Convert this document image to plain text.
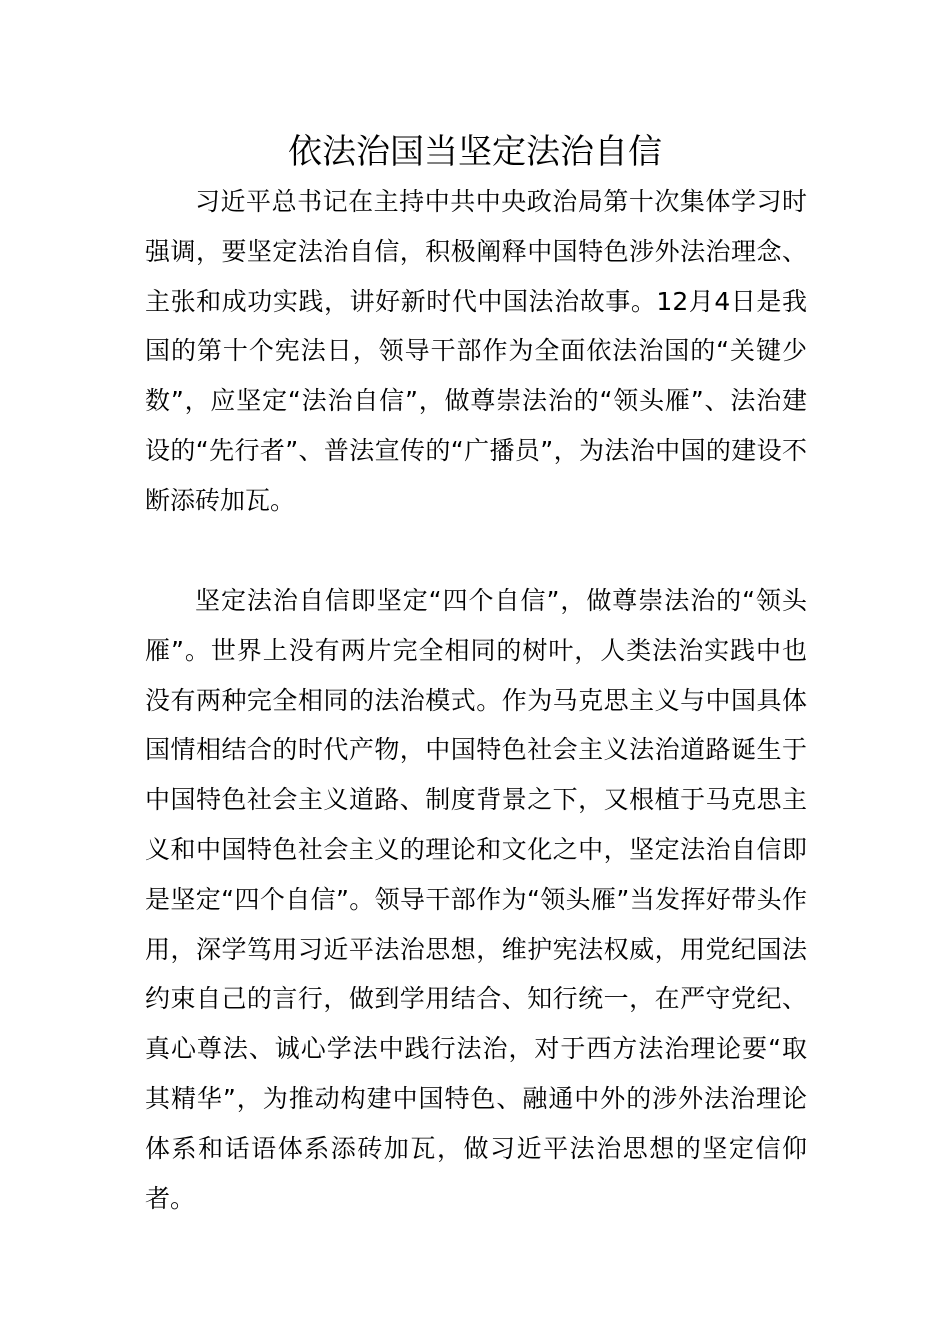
依法治国当坚定法治自信

习近平总书记在主持中共中央政治局第十次集体学习时强调，要坚定法治自信，积极阐释中国特色涉外法治理念、主张和成功实践，讲好新时代中国法治故事。12月4日是我国的第十个宪法日，领导干部作为全面依法治国的“关键少数”，应坚定“法治自信”，做尊崇法治的“领头雁”、法治建设的“先行者”、普法宣传的“广播员”，为法治中国的建设不断添砖加瓦。

坚定法治自信即坚定“四个自信”，做尊崇法治的“领头雁”。世界上没有两片完全相同的树叶，人类法治实践中也没有两种完全相同的法治模式。作为马克思主义与中国具体国情相结合的时代产物，中国特色社会主义法治道路诞生于中国特色社会主义道路、制度背景之下，又根植于马克思主义和中国特色社会主义的理论和文化之中，坚定法治自信即是坚定“四个自信”。领导干部作为“领头雁”当发挥好带头作用，深学笃用习近平法治思想，维护宪法权威，用党纪国法约束自己的言行，做到学用结合、知行统一，在严守党纪、真心尊法、诚心学法中践行法治，对于西方法治理论要“取其精华”，为推动构建中国特色、融通中外的涉外法治理论体系和话语体系添砖加瓦，做习近平法治思想的坚定信仰者。
